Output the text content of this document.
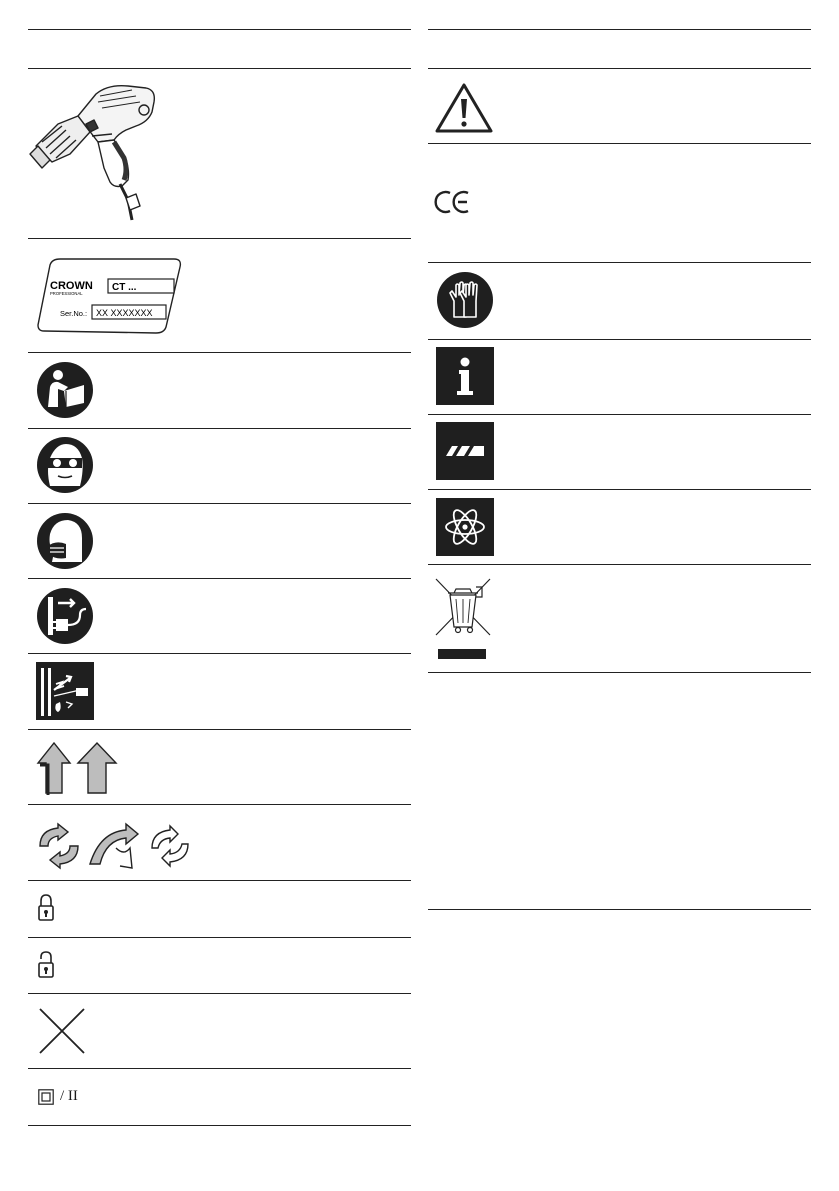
CROWN
PROFESSIONAL
CT ...
Ser.No.: XX XXXXXXX
/ II
